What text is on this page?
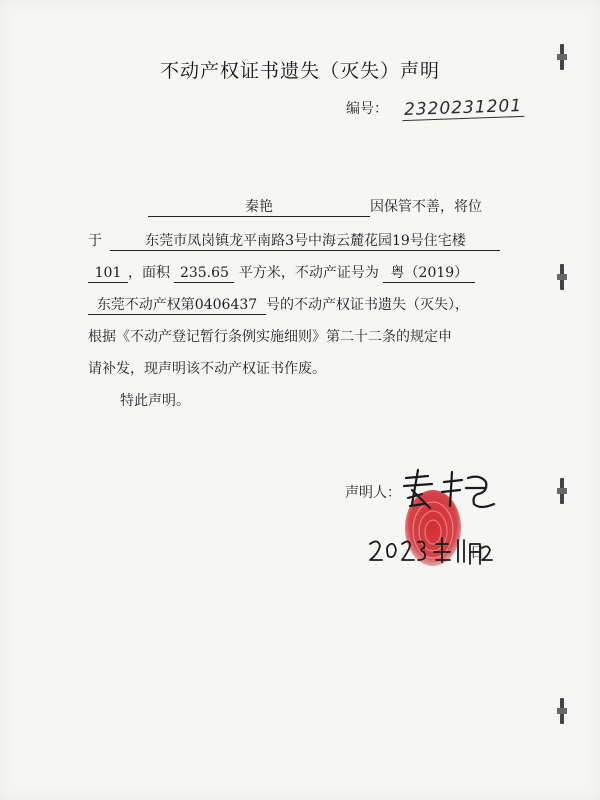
不动产权证书遗失（灭失）声明
编号： 2320231201
秦艳	因保管不善，将位
于	东莞市凤岗镇龙平南路3号中海云麓花园19号住宅楼
101 ，面积 235.65 平方米，不动产证号为 粤（2019）
东莞不动产权第0406437 号的不动产权证书遗失（灭失），
根据《不动产登记暂行条例实施细则》第二十二条的规定申
请补发，现声明该不动产权证书作废。
特此声明。
声明人：
日
